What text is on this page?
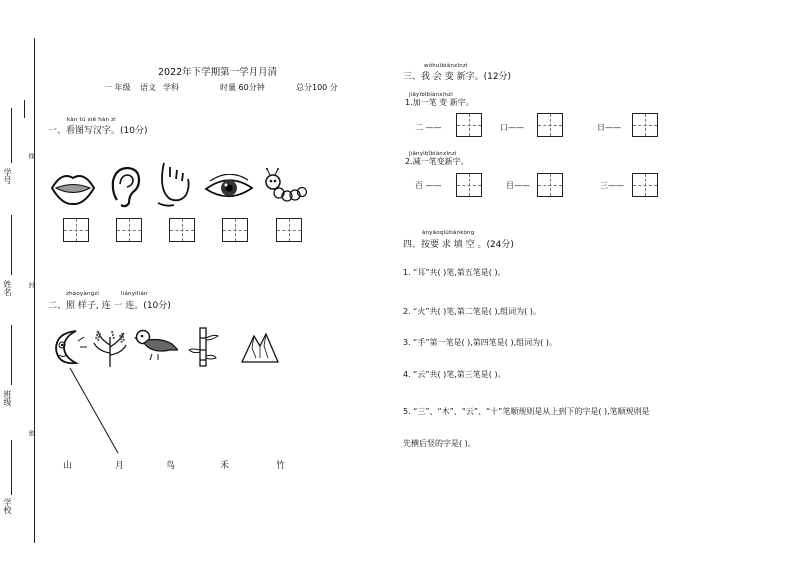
学号
姓名
班级
学校
线
封
密
2022年下学期第一学月月清
一 年级 语文 学科	时量 60分钟	总分100 分
kàn tú xiě hàn zì
一、看图写汉字。(10分)
zhàoyàngzi	liányilián
二、照 样子, 连 一 连。(10分)
山	月	鸟	禾	竹
wǒhuìbiànxīnzì
三、我 会 变 新字。(12分)
jiāyìbǐbiànxīnzì
1.加一笔 变 新字。
二 ——	口——	日——
jiǎnyìbǐbiànxīnzì
2.减一笔变新字。
百 ——	目——	三——
ànyāoqiútiánkòng
四、按要 求 填 空 。(24分)
1. “耳”共( )笔,第五笔是( )。
2. “火”共( )笔,第二笔是( ),组词为( )。
3. “手”第一笔是( ),第四笔是( ),组词为( )。
4. “云”共( )笔,第三笔是( )。
5. “三”、“木”、“云”、“十”笔顺规则是从上到下的字是( ),笔顺规则是
先横后竖的字是( )。
